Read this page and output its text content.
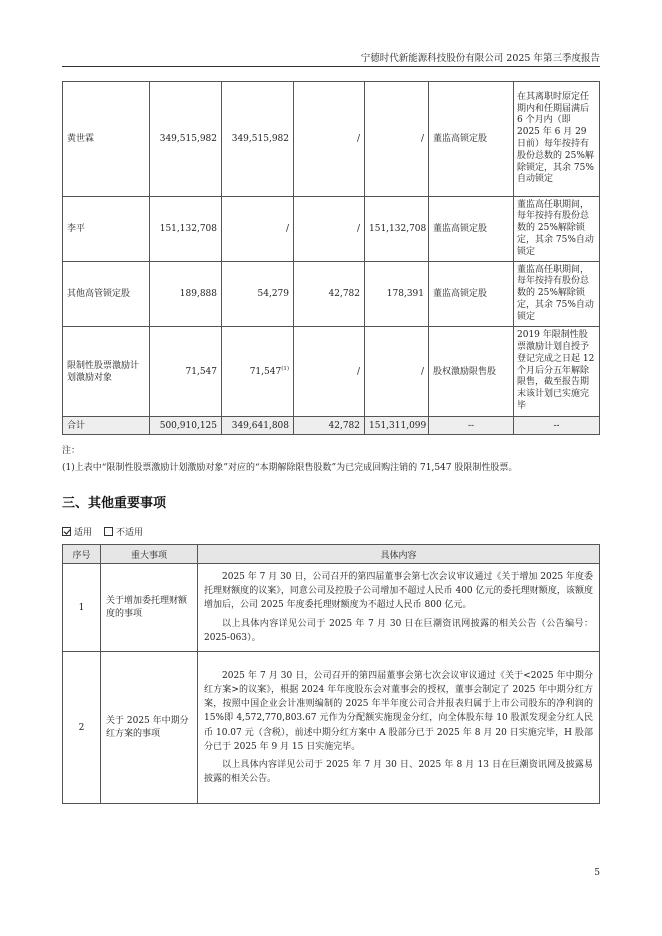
宁德时代新能源科技股份有限公司 2025 年第三季度报告
黄世霖	349,515,982	349,515,982	/	/	董监高锁定股	在其离职时原定任期内和任期届满后 6 个月内（即 2025 年 6 月 29 日前）每年按持有股份总数的 25%解除锁定，其余 75%自动锁定
李平	151,132,708	/	/	151,132,708	董监高锁定股	董监高任职期间，每年按持有股份总数的 25%解除锁定，其余 75%自动锁定
其他高管锁定股	189,888	54,279	42,782	178,391	董监高锁定股	董监高任职期间，每年按持有股份总数的 25%解除锁定，其余 75%自动锁定
限制性股票激励计划激励对象	71,547	71,547$^{(1)}$	/	/	股权激励限售股	2019 年限制性股票激励计划自授予登记完成之日起 12 个月后分五年解除限售，截至报告期末该计划已实施完毕
合计	500,910,125	349,641,808	42,782	151,311,099	--	--
注：
(1)上表中“限制性股票激励计划激励对象”对应的“本期解除限售股数”为已完成回购注销的 71,547 股限制性股票。
三、其他重要事项
适用	不适用
序号	重大事项	具体内容
1	关于增加委托理财额度的事项	2025 年 7 月 30 日，公司召开的第四届董事会第七次会议审议通过《关于增加 2025 年度委托理财额度的议案》，同意公司及控股子公司增加不超过人民币 400 亿元的委托理财额度，该额度增加后，公司 2025 年度委托理财额度为不超过人民币 800 亿元。

以上具体内容详见公司于 2025 年 7 月 30 日在巨潮资讯网披露的相关公告（公告编号：2025-063）。

2	关于 2025 年中期分红方案的事项	2025 年 7 月 30 日，公司召开的第四届董事会第七次会议审议通过《关于<2025 年中期分红方案>的议案》，根据 2024 年年度股东会对董事会的授权，董事会制定了 2025 年中期分红方案，按照中国企业会计准则编制的 2025 年半年度公司合并报表归属于上市公司股东的净利润的 15%即 4,572,770,803.67 元作为分配额实施现金分红，向全体股东每 10 股派发现金分红人民币 10.07 元（含税），前述中期分红方案中 A 股部分已于 2025 年 8 月 20 日实施完毕，H 股部分已于 2025 年 9 月 15 日实施完毕。

以上具体内容详见公司于 2025 年 7 月 30 日、2025 年 8 月 13 日在巨潮资讯网及披露易披露的相关公告。

5
